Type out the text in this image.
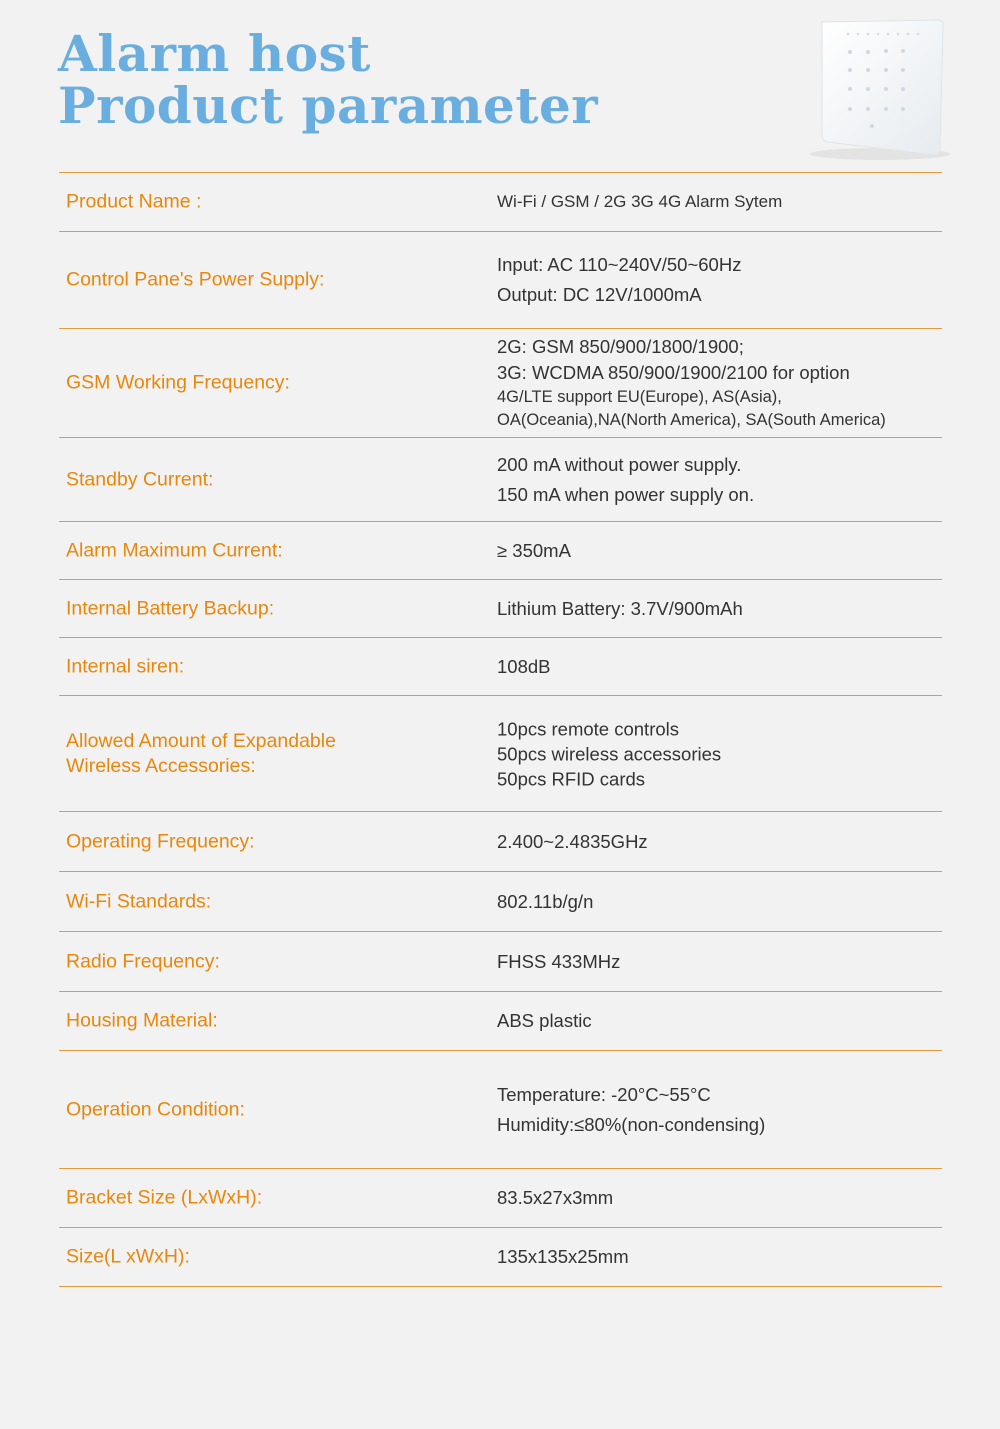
Alarm host
Product parameter
Product Name :	Wi-Fi / GSM / 2G 3G 4G Alarm Sytem
Control Pane's Power Supply:
Input: AC 110~240V/50~60Hz
Output: DC 12V/1000mA
GSM Working Frequency:
2G: GSM 850/900/1800/1900;
3G: WCDMA 850/900/1900/2100 for option
4G/LTE support EU(Europe), AS(Asia),
OA(Oceania),NA(North America), SA(South America)
Standby Current:
200 mA without power supply.
150 mA when power supply on.
Alarm Maximum Current:	≥ 350mA
Internal Battery Backup:	Lithium Battery: 3.7V/900mAh
Internal siren:	108dB
Allowed Amount of Expandable
Wireless Accessories:
10pcs remote controls
50pcs wireless accessories
50pcs RFID cards
Operating Frequency:	2.400~2.4835GHz
Wi-Fi Standards:	802.11b/g/n
Radio Frequency:	FHSS 433MHz
Housing Material:	ABS plastic
Operation Condition:
Temperature: -20°C~55°C
Humidity:≤80%(non-condensing)
Bracket Size (LxWxH):	83.5x27x3mm
Size(L xWxH):	135x135x25mm
